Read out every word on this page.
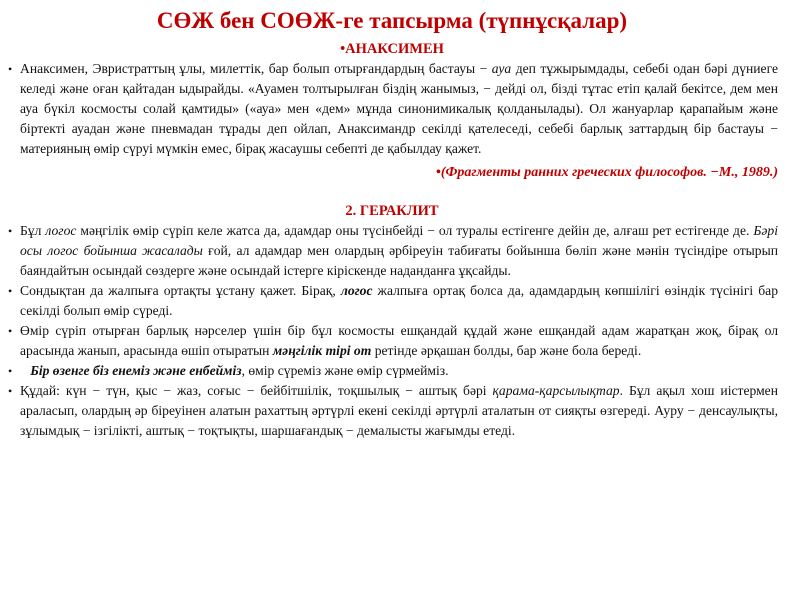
СӨЖ бен СОӨЖ-ге тапсырма (түпнұсқалар)
•АНАКСИМЕН

• Анаксимен, Эвристраттың ұлы, милеттік, бар болып отырғандардың бастауы − ауа деп тұжырымдады, себебі одан бәрі дүниеге келеді және оған қайтадан ыдырайды. «Ауамен толтырылған біздің жанымыз, − дейді ол, бізді тұтас етіп қалай бекітсе, дем мен ауа бүкіл космосты солай қамтиды» («ауа» мен «дем» мұнда синонимикалық қолданылады). Ол жануарлар қарапайым және біртекті ауадан және пневмадан тұрады деп ойлап, Анаксимандр секілді қателеседі, себебі барлық заттардың бір бастауы − материяның өмір сүруі мүмкін емес, бірақ жасаушы себепті де қабылдау қажет.

•(Фрагменты ранних греческих философов. −М., 1989.)
2. ГЕРАКЛИТ

• Бұл логос мәңгілік өмір сүріп келе жатса да, адамдар оны түсінбейді − ол туралы естігенге дейін де, алғаш рет естігенде де. Бәрі осы логос бойынша жасалады ғой, ал адамдар мен олардың әрбіреуін табиғаты бойынша бөліп және мәнін түсіндіре отырып баяндайтын осындай сөздерге және осындай істерге кіріскенде наданданға ұқсайды.

• Сондықтан да жалпыға ортақты ұстану қажет. Бірақ, логос жалпыға ортақ болса да, адамдардың көпшілігі өзіндік түсінігі бар секілді болып өмір сүреді.

• Өмір сүріп отырған барлық нәрселер үшін бір бұл космосты ешқандай құдай және ешқандай адам жаратқан жоқ, бірақ ол арасында жанып, арасында өшіп отыратын мәңгілік тірі от ретінде әрқашан болды, бар және бола береді.

• Бір өзенге біз енеміз және енбейміз, өмір сүреміз және өмір сүрмейміз.

• Құдай: күн − түн, қыс − жаз, соғыс − бейбітшілік, тоқшылық − аштық бәрі қарама-қарсылықтар. Бұл ақыл хош иістермен араласып, олардың әр біреуінен алатын рахаттың әртүрлі екені секілді әртүрлі аталатын от сияқты өзгереді. Ауру − денсаулықты, зұлымдық − ізгілікті, аштық − тоқтықты, шаршағандық − демалысты жағымды етеді.
